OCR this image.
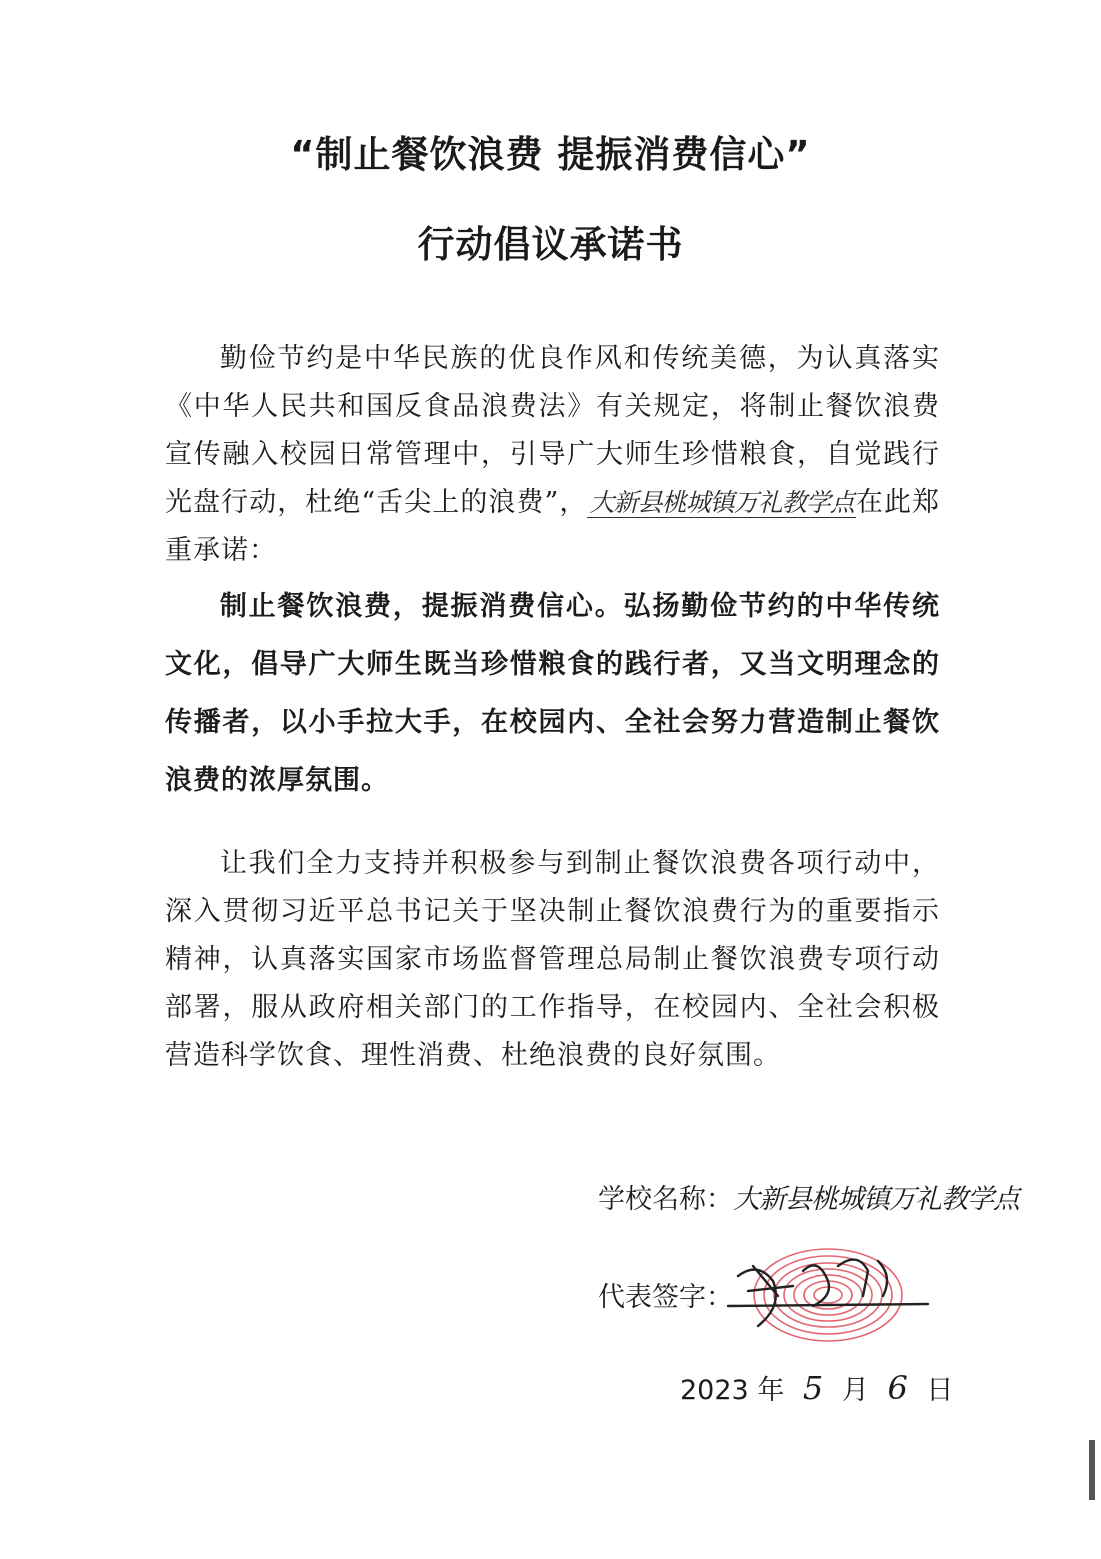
“制止餐饮浪费 提振消费信心”
行动倡议承诺书
勤俭节约是中华民族的优良作风和传统美德，为认真落实《中华人民共和国反食品浪费法》有关规定，将制止餐饮浪费宣传融入校园日常管理中，引导广大师生珍惜粮食，自觉践行光盘行动，杜绝“舌尖上的浪费”，大新县桃城镇万礼教学点在此郑重承诺：
制止餐饮浪费，提振消费信心。弘扬勤俭节约的中华传统文化，倡导广大师生既当珍惜粮食的践行者，又当文明理念的传播者，以小手拉大手，在校园内、全社会努力营造制止餐饮浪费的浓厚氛围。
让我们全力支持并积极参与到制止餐饮浪费各项行动中，深入贯彻习近平总书记关于坚决制止餐饮浪费行为的重要指示精神，认真落实国家市场监督管理总局制止餐饮浪费专项行动部署，服从政府相关部门的工作指导，在校园内、全社会积极营造科学饮食、理性消费、杜绝浪费的良好氛围。
学校名称：大新县桃城镇万礼教学点
代表签字：
2023 年 5 月 6 日
